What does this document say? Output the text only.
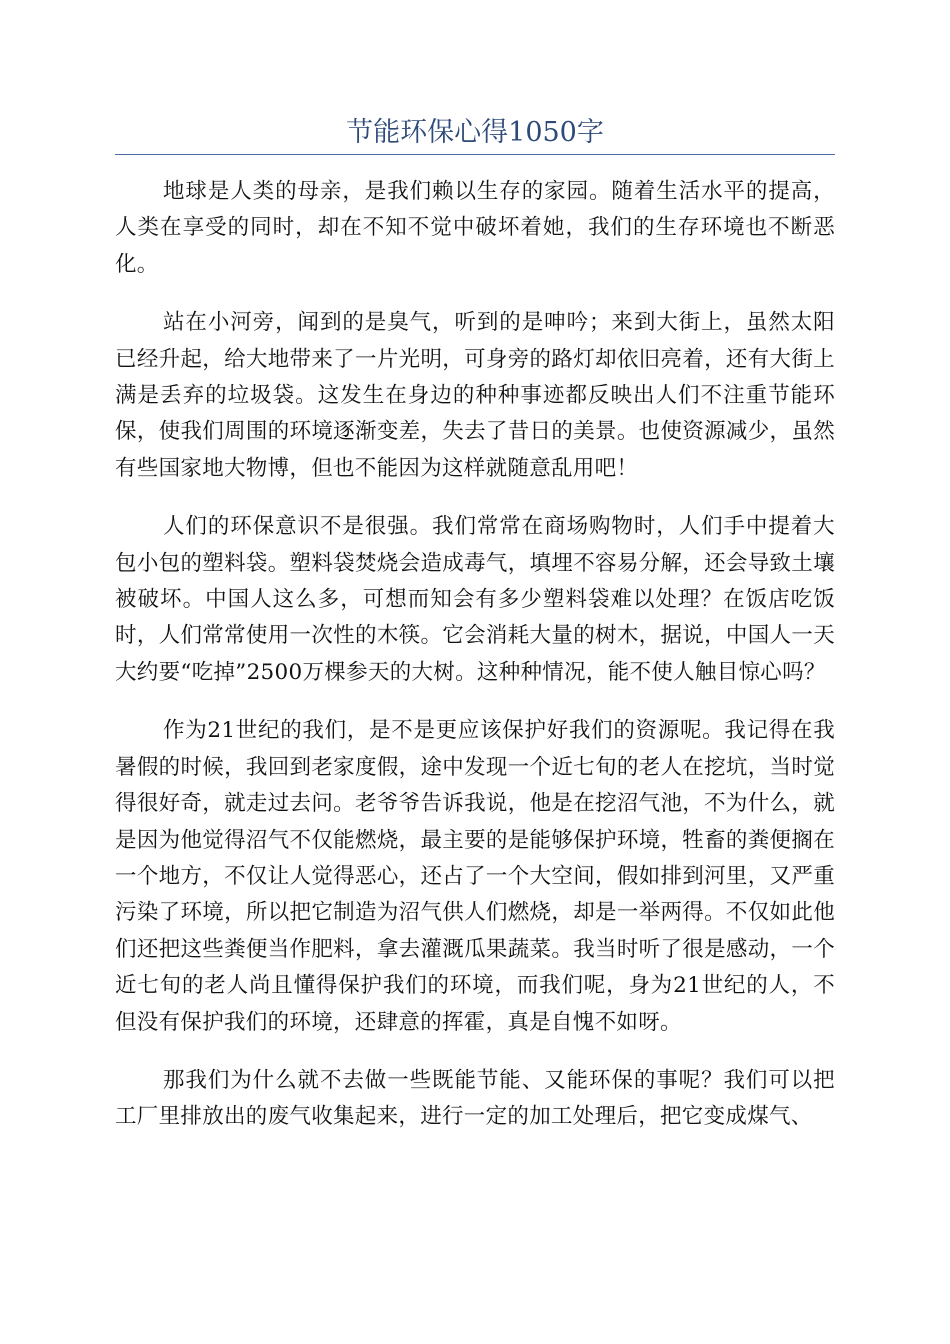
节能环保心得1050字

地球是人类的母亲，是我们赖以生存的家园。随着生活水平的提高，人类在享受的同时，却在不知不觉中破坏着她，我们的生存环境也不断恶化。

站在小河旁，闻到的是臭气，听到的是呻吟；来到大街上，虽然太阳已经升起，给大地带来了一片光明，可身旁的路灯却依旧亮着，还有大街上满是丢弃的垃圾袋。这发生在身边的种种事迹都反映出人们不注重节能环保，使我们周围的环境逐渐变差，失去了昔日的美景。也使资源减少，虽然有些国家地大物博，但也不能因为这样就随意乱用吧！

人们的环保意识不是很强。我们常常在商场购物时，人们手中提着大包小包的塑料袋。塑料袋焚烧会造成毒气，填埋不容易分解，还会导致土壤被破坏。中国人这么多，可想而知会有多少塑料袋难以处理？在饭店吃饭时，人们常常使用一次性的木筷。它会消耗大量的树木，据说，中国人一天大约要“吃掉”2500万棵参天的大树。这种种情况，能不使人触目惊心吗？

作为21世纪的我们，是不是更应该保护好我们的资源呢。我记得在我暑假的时候，我回到老家度假，途中发现一个近七旬的老人在挖坑，当时觉得很好奇，就走过去问。老爷爷告诉我说，他是在挖沼气池，不为什么，就是因为他觉得沼气不仅能燃烧，最主要的是能够保护环境，牲畜的粪便搁在一个地方，不仅让人觉得恶心，还占了一个大空间，假如排到河里，又严重污染了环境，所以把它制造为沼气供人们燃烧，却是一举两得。不仅如此他们还把这些粪便当作肥料，拿去灌溉瓜果蔬菜。我当时听了很是感动，一个近七旬的老人尚且懂得保护我们的环境，而我们呢，身为21世纪的人，不但没有保护我们的环境，还肆意的挥霍，真是自愧不如呀。

那我们为什么就不去做一些既能节能、又能环保的事呢？我们可以把工厂里排放出的废气收集起来，进行一定的加工处理后，把它变成煤气、
